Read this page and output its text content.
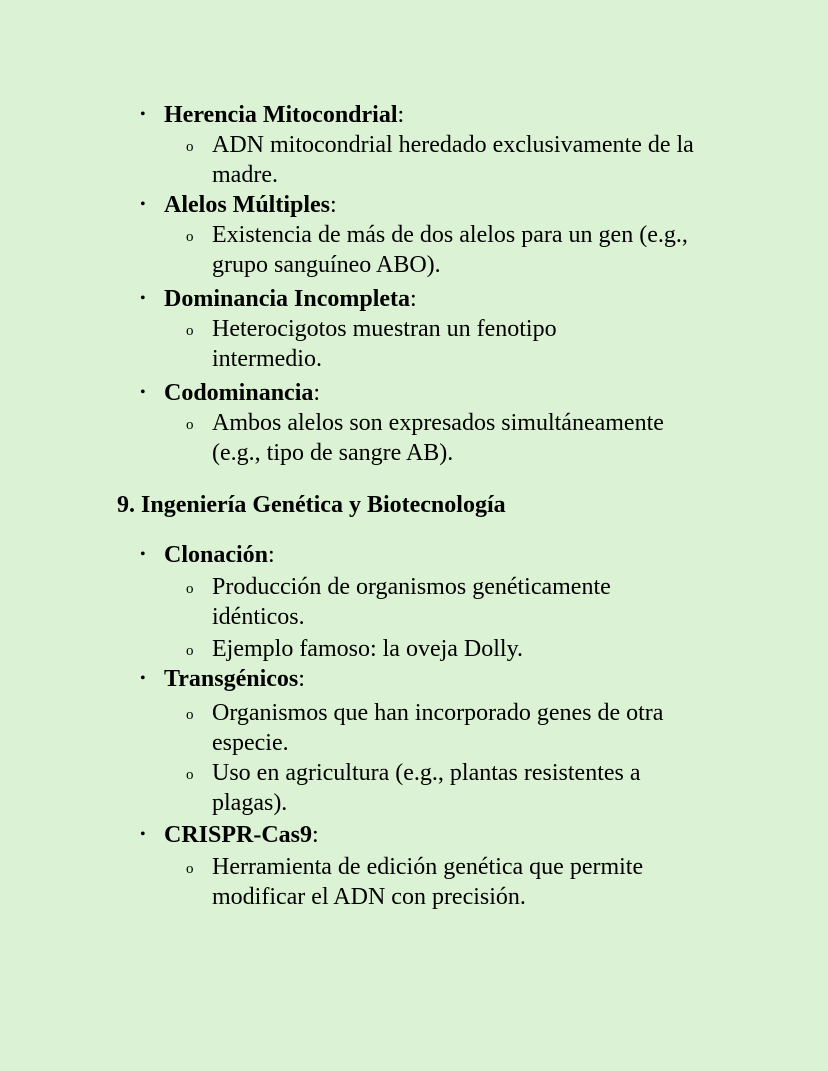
• Herencia Mitocondrial:
o ADN mitocondrial heredado exclusivamente de la madre.
• Alelos Múltiples:
o Existencia de más de dos alelos para un gen (e.g., grupo sanguíneo ABO).
• Dominancia Incompleta:
o Heterocigotos muestran un fenotipo intermedio.
• Codominancia:
o Ambos alelos son expresados simultáneamente (e.g., tipo de sangre AB).
9. Ingeniería Genética y Biotecnología
• Clonación:
o Producción de organismos genéticamente idénticos.
o Ejemplo famoso: la oveja Dolly.
• Transgénicos:
o Organismos que han incorporado genes de otra especie.
o Uso en agricultura (e.g., plantas resistentes a plagas).
• CRISPR-Cas9:
o Herramienta de edición genética que permite modificar el ADN con precisión.
